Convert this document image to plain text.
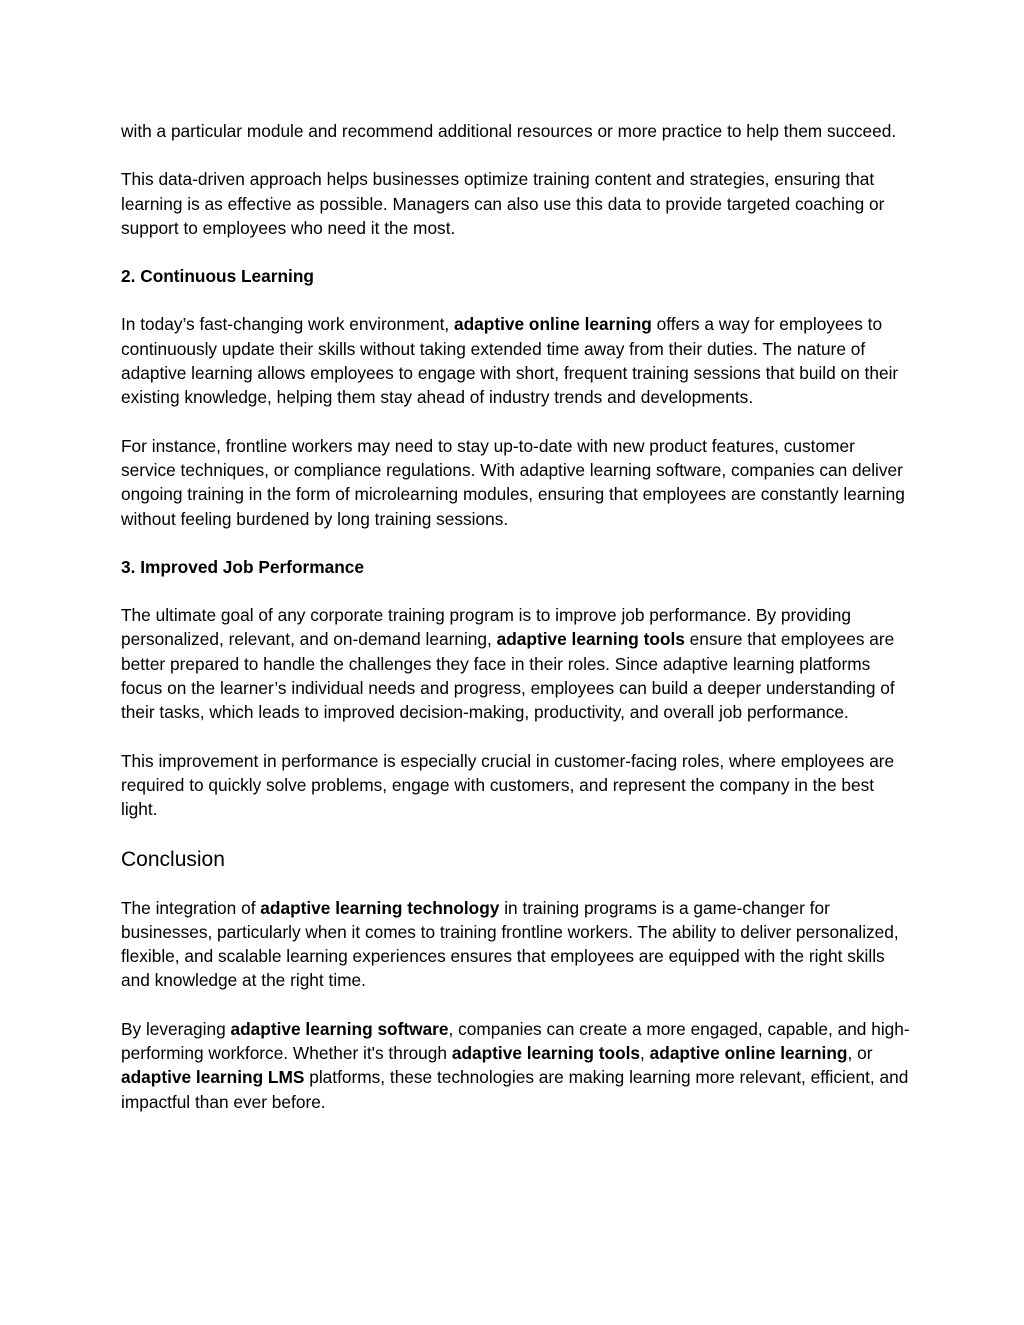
with a particular module and recommend additional resources or more practice to help them succeed.

This data-driven approach helps businesses optimize training content and strategies, ensuring that learning is as effective as possible. Managers can also use this data to provide targeted coaching or support to employees who need it the most.

2. Continuous Learning

In today’s fast-changing work environment, adaptive online learning offers a way for employees to continuously update their skills without taking extended time away from their duties. The nature of adaptive learning allows employees to engage with short, frequent training sessions that build on their existing knowledge, helping them stay ahead of industry trends and developments.

For instance, frontline workers may need to stay up-to-date with new product features, customer service techniques, or compliance regulations. With adaptive learning software, companies can deliver ongoing training in the form of microlearning modules, ensuring that employees are constantly learning without feeling burdened by long training sessions.

3. Improved Job Performance

The ultimate goal of any corporate training program is to improve job performance. By providing personalized, relevant, and on-demand learning, adaptive learning tools ensure that employees are better prepared to handle the challenges they face in their roles. Since adaptive learning platforms focus on the learner’s individual needs and progress, employees can build a deeper understanding of their tasks, which leads to improved decision-making, productivity, and overall job performance.

This improvement in performance is especially crucial in customer-facing roles, where employees are required to quickly solve problems, engage with customers, and represent the company in the best light.

Conclusion

The integration of adaptive learning technology in training programs is a game-changer for businesses, particularly when it comes to training frontline workers. The ability to deliver personalized, flexible, and scalable learning experiences ensures that employees are equipped with the right skills and knowledge at the right time.

By leveraging adaptive learning software, companies can create a more engaged, capable, and high-performing workforce. Whether it's through adaptive learning tools, adaptive online learning, or adaptive learning LMS platforms, these technologies are making learning more relevant, efficient, and impactful than ever before.
